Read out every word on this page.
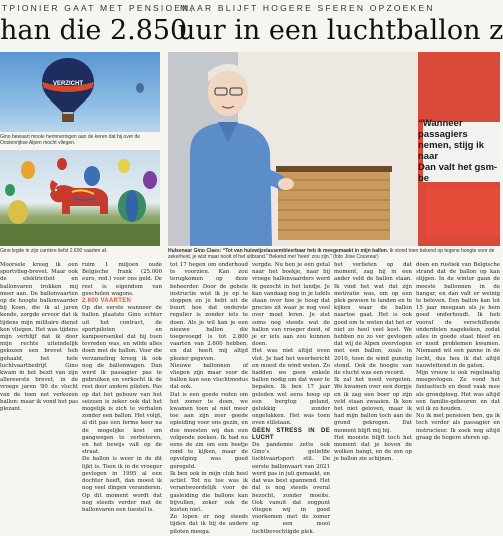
TPIONIER GAAT MET PENSIOEN,
MAAR BLIJFT HOGERE SFEREN OPZOEKEN
han die 2.850
uur in een luchtballon z
VERZICHT
Gino bewaart mooie herinneringen aan de keren dat hij over de Oostenrijkse Alpen mocht vliegen.
Gino legde in zijn carrière liefst 2.600 vaarten af.
“Wanneer passagiers
nemen, stijg ik naar
Dan valt het gsm-be
Hulsenaar Gino Claes: “Tot van huiswijzelassembleerbaar heb ik meegemaakt in mijn ballon. Ik stond toen bekend op tegene hoogte voor de zekerheid, je wist maar nooit of het uitbrand.” Bekend met 'heen' zou zijn.” (foto Jose Couvreur)

Moorsele kreeg ik een sportvlieg-brevet. Maar ook de elektriciteit en ballonvaren trokken mij meer aan. De ballonvaarten op de hoogte ballonvaarder bij Koen, die ik al jaren kende, zorgde ervoor dat ik tijdens mijn militaire dienst kon vliegen. Het was tijdens mijn verblijf dat ik door mijn rechte uiteindelijk gekozen een brevet heb gehaald, het hele luchtvaartbedrijf. Gino kwam in het bezit van zijn allereerste brevet, in de vroege jaren '80 de vlucht van de toen net verkozen ballon: maar ik vond het pas plezant.

ruim 1 miljoen oude Belgische frank (25.000 euro, red.) voor ons geld. De rest is eigendom van gescholen wagons.

2.600 VAARTEN

Op die eerste wanneer de ballon plaatste Gino echter uit het contract, de sportpiloten en kampeersenkel dat hij toen tevreden was, en wilde alles doen met de ballon. Voor die verzameling kreeg ik ook nog de ballonwagen. Dan werd ik passagier pas te gebruiken en verkocht ik de rest door andere piloten. Pas op dat het gebouw van het seizoen is zeker ook dat het mogelijk is zich te verhalen zonder een ballon. Het volgt, al dit pas een ferme keer na de mogelijke kost om gangwegen te verbeteren, en het bewijs valt op de straat.

De ballon is weer in de dit lijkt is. Toen ik in de vroeger gevlogen in 1995 al een dochter heeft, dan moest ik nog veel dingen veranderen. Op dit moment wordt dat nog steeds verder met de ballonvaren een toestel is.

tot 17 hegen om onderhoud te voorzien. Kan zou terugkomen op deze beheerder. Door de gehele instructie wist ik je op te stoppen en je hebt uit de buurt hoe dat onderste regulier is zonder iets te doen. Als je wil kan je een nieuwe ballon die toegevoegd is tot 2.800 vaarten van 2.600 hebben, en dat heeft mij altijd plezier gegeven.

Nieuwe ballonnen of vliegen zijn maar voor de ballon kan een vluchtmodus dat ook.

Dat is een goede reden om het zomer te doen, we kwamen toen al niet meer toe aan zijn zeer goede opleiding voor ons gezin, en dus moesten wij dan een volgende zoeken. Ik had nu eens de zin om een beetje rond te kijken, maar de opvolging was goed geregeld.

Ik ben ook in mijn club heel actief. Tot nu toe was ik verantwoordelijk voor de gasleiding die ballons kan bijvullen, zeker ook de kosten niet.

Zo lopen er nog steeds tijden dat ik bij de andere piloten meega.

vergde. Nu ben je een getal naar het boekje, naar bij vroege ballonvaarders werd ik gezocht in het landje. Je kan vandaag nog in je tafels staan over hoe je hoog dat precies zit waar je nog veel over moet leren. Je ziet soms nog steeds wat de ballon van vroeger deed, of je er iets aan zou kunnen doen.

Het was niet altijd even vlot. Je had het weerbericht en moest de wind weten. Zo hadden we geen enkele ballon nodig om dat weer te bepalen. Ik ben 17 jaar geleden wel eens hoog op een bergtop geland, gelukkig zonder ongelukken. Het was toen even stilstaan.

GEEN STRESS IN DE LUCHT

De pandemie zette ook Gino’s geliefde luchtvaartsport stil. De eerste ballonvaart van 2021 werd pas in juli gemaakt, en dat was best spannend. Het dal is nog steeds overal bezocht, zonder moeite. Ook vanuit dat oogpunt vliegen wij in goed voorkomen met de zomer op een mooi luchtbevochtigde plek.

het verlieten op dat moment, zag hij in een ander veld de ballon staan. Ik vind het wat dat zijn motivatie was, om op een plek gewoon te landen en te kijken waar de ballon naartoe gaat. Het is ook goed om te weten dat het er niet zo heel veel kost. We hebben nu zo ver gevlogen dat wij de Alpen overvlogen met een ballon, zoals in 2010, toen de wind gunstig stond. Ook de hoogte van de vlucht was een record.

Ik zal het nooit vergeten. We kwamen over een dorpje en ik zag een boer op zijn veld staan zwaaien. Ik kon het niet geloven, maar ik had mijn ballon toch aan de grond gekregen. Dat moment blijft mij bij.

Het mooiste blijft toch het moment dat je boven de wolken hangt, en de zon op je ballon zie schijnen.

doen en rustiek van Belgische strand dat de ballon op kan stijgen. In de winter gaan de meeste ballonnen in de hangar, en dan valt er weinig te beleven. Een ballon kan tot 15 jaar meegaan als je hem goed onderhoudt. Ik heb vooraf de verschillende onderdelen nagekeken, zodat alles in goede staat bleef en er nooit problemen kwamen. Niemand wil een panne in de lucht, dus hou ik dat altijd nauwlettend in de gaten.

Mijn vrouw is ook regelmatig meegevlogen. Ze vond het fantastisch en deed vaak mee als grondploeg. Het was altijd een familie-gebeuren en dat wil ik zo houden.

Nu ik met pensioen ben, ga ik toch verder als passagier en instructeur. Ik zoek nog altijd graag de hogere sferen op.
